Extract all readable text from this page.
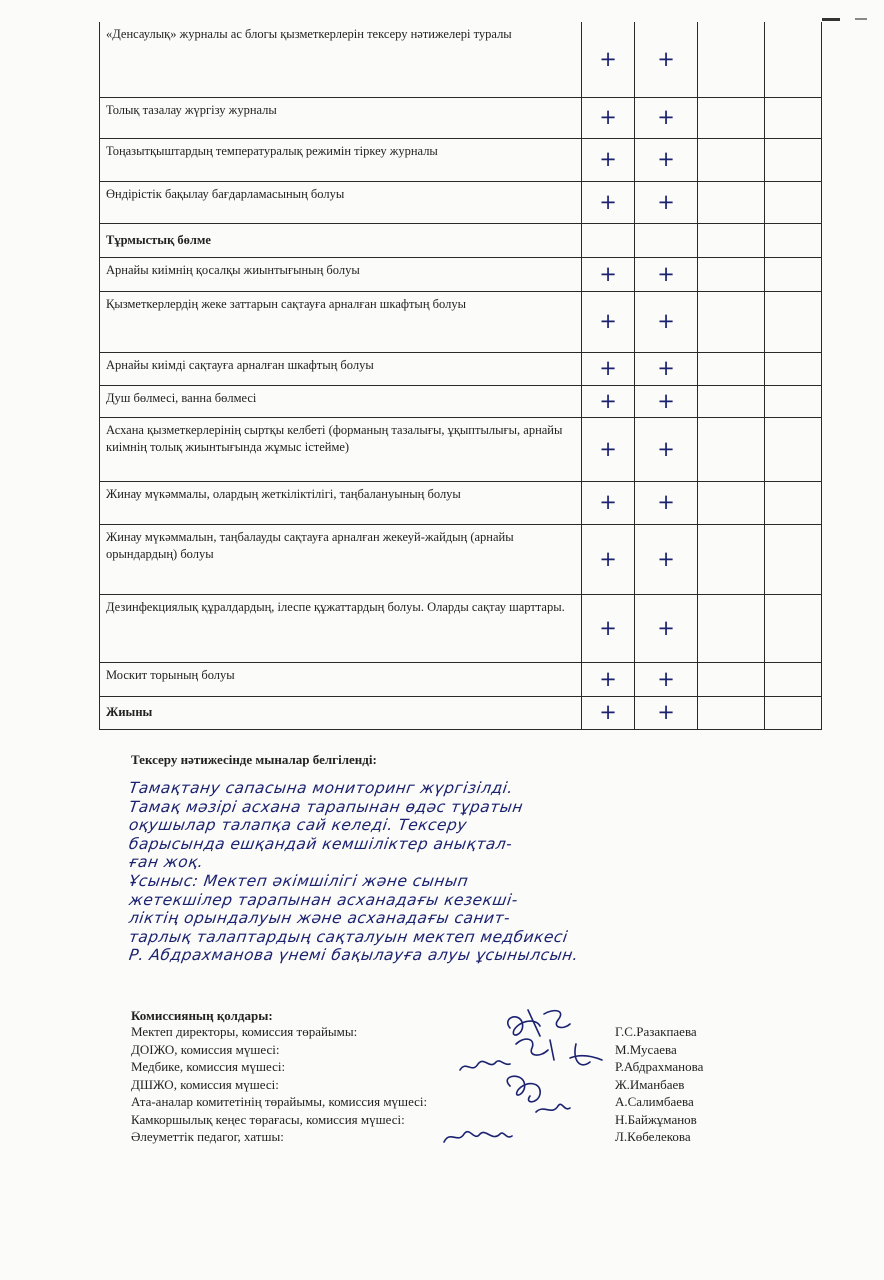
«Денсаулық» журналы ас блогы қызметкерлерін тексеру нәтижелері туралы	+	+		
Толық тазалау жүргізу журналы	+	+		
Тоңазытқыштардың температуралық режимін тіркеу журналы	+	+		
Өндірістік бақылау бағдарламасының болуы	+	+		
Тұрмыстық бөлме				
Арнайы киімнің қосалқы жиынтығының болуы	+	+		
Қызметкерлердің жеке заттарын сақтауға арналған шкафтың болуы	+	+		
Арнайы киімді сақтауға арналған шкафтың болуы	+	+		
Душ бөлмесі, ванна бөлмесі	+	+		
Асхана қызметкерлерінің сыртқы келбеті (форманың тазалығы, ұқыптылығы, арнайы киімнің толық жиынтығында жұмыс істейме)	+	+		
Жинау мүкәммалы, олардың жеткіліктілігі, таңбалануының болуы	+	+		
Жинау мүкәммалын, таңбалауды сақтауға арналған жекеуй-жайдың (арнайы орындардың) болуы	+	+		
Дезинфекциялық құралдардың, ілеспе құжаттардың болуы. Оларды сақтау шарттары.	+	+		
Москит торының болуы	+	+		
Жиыны	+	+		
Тексеру нәтижесінде мыналар белгіленді:
Тамақтану сапасына мониторинг жүргізілді.
Тамақ мәзірі асхана тарапынан өдәс тұратын
оқушылар талапқа сай келеді. Тексеру
барысында ешқандай кемшіліктер анықтал-
ған жоқ.
Ұсыныс: Мектеп әкімшілігі және сынып
жетекшілер тарапынан асханадағы кезекші-
ліктің орындалуын және асханадағы санит-
тарлық талаптардың сақталуын мектеп медбикесі
Р. Абдрахманова үнемі бақылауға алуы ұсынылсын.
Комиссияның қолдары:
Мектеп директоры, комиссия төрайымы:	Г.С.Разакпаева
ДОІЖО, комиссия мүшесі:	М.Мусаева
Медбике, комиссия мүшесі:	Р.Абдрахманова
ДШЖО, комиссия мүшесі:	Ж.Иманбаев
Ата-аналар комитетінің төрайымы, комиссия мүшесі:	А.Салимбаева
Камкоршылық кеңес төрағасы, комиссия мүшесі:	Н.Байжұманов
Әлеуметтік педагог, хатшы:	Л.Көбелекова
